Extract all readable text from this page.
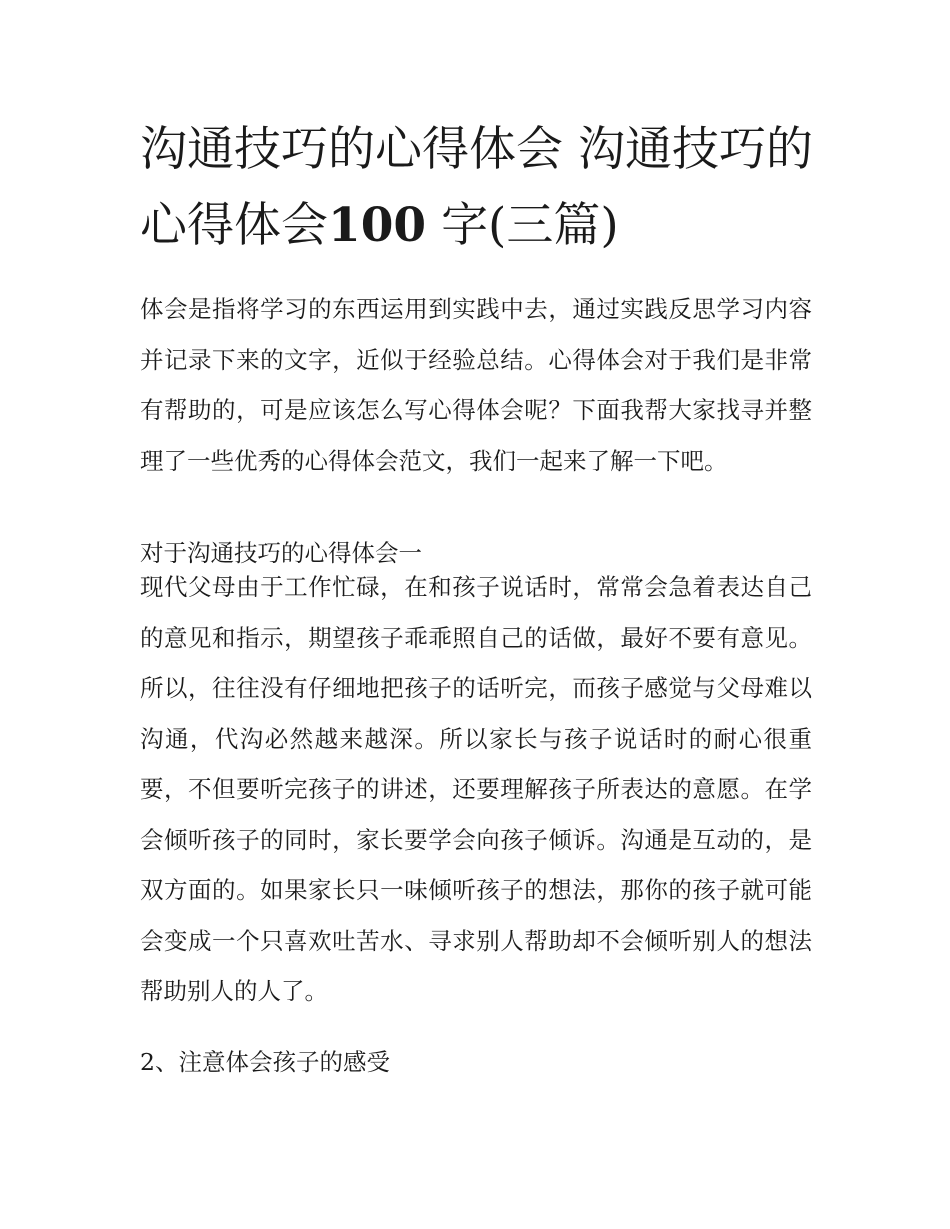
沟通技巧的心得体会 沟通技巧的心得体会100 字(三篇)

体会是指将学习的东西运用到实践中去，通过实践反思学习内容并记录下来的文字，近似于经验总结。心得体会对于我们是非常有帮助的，可是应该怎么写心得体会呢？下面我帮大家找寻并整理了一些优秀的心得体会范文，我们一起来了解一下吧。

对于沟通技巧的心得体会一

现代父母由于工作忙碌，在和孩子说话时，常常会急着表达自己的意见和指示，期望孩子乖乖照自己的话做，最好不要有意见。所以，往往没有仔细地把孩子的话听完，而孩子感觉与父母难以沟通，代沟必然越来越深。所以家长与孩子说话时的耐心很重要，不但要听完孩子的讲述，还要理解孩子所表达的意愿。在学会倾听孩子的同时，家长要学会向孩子倾诉。沟通是互动的，是双方面的。如果家长只一味倾听孩子的想法，那你的孩子就可能会变成一个只喜欢吐苦水、寻求别人帮助却不会倾听别人的想法帮助别人的人了。

2、注意体会孩子的感受
